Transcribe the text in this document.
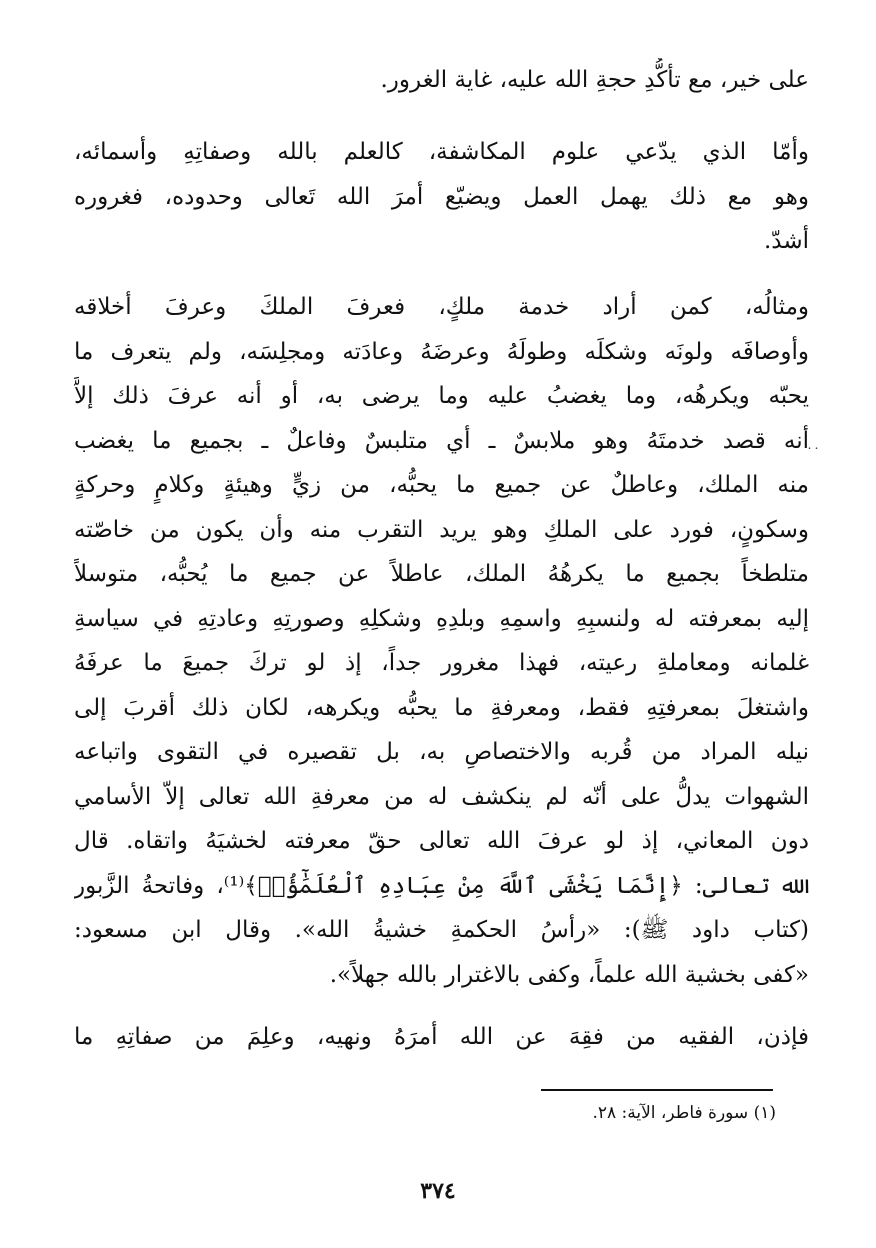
على خير، مع تأكُّدِ حجةِ الله عليه، غاية الغرور.
وأمّا الذي يدّعي علوم المكاشفة، كالعلم بالله وصفاتِهِ وأسمائه،
وهو مع ذلك يهمل العمل ويضيّع أمرَ الله تَعالى وحدوده، فغروره
أشدّ.
ومثالُه، كمن أراد خدمة ملكٍ، فعرفَ الملكَ وعرفَ أخلاقه
وأوصافَه ولونَه وشكلَه وطولَهُ وعرضَهُ وعادَته ومجلِسَه، ولم يتعرف ما
يحبّه ويكرهُه، وما يغضبُ عليه وما يرضى به، أو أنه عرفَ ذلك إلاَّ
أنه قصد خدمتَهُ وهو ملابسٌ ـ أي متلبسٌ وفاعلٌ ـ بجميع ما يغضب
منه الملك، وعاطلٌ عن جميع ما يحبُّه، من زيٍّ وهيئةٍ وكلامٍ وحركةٍ
وسكونٍ، فورد على الملكِ وهو يريد التقرب منه وأن يكون من خاصّته
متلطخاً بجميع ما يكرهُهُ الملك، عاطلاً عن جميع ما يُحبُّه، متوسلاً
إليه بمعرفته له ولنسبِهِ واسمِهِ وبلدِهِ وشكلِهِ وصورتِهِ وعادتِهِ في سياسةِ
غلمانه ومعاملةِ رعيته، فهذا مغرور جداً، إذ لو تركَ جميعَ ما عرفَهُ
واشتغلَ بمعرفتِهِ فقط، ومعرفةِ ما يحبُّه ويكرهه، لكان ذلك أقربَ إلى
نيله المراد من قُربه والاختصاصِ به، بل تقصيره في التقوى واتباعه
الشهوات يدلُّ على أنّه لم ينكشف له من معرفةِ الله تعالى إلاّ الأسامي
دون المعاني، إذ لو عرفَ الله تعالى حقّ معرفته لخشيَهُ واتقاه. قال
الله تعالى: ﴿إِنَّمَا يَخْشَى ٱللَّهَ مِنْ عِبَادِهِ ٱلْعُلَمَٰٓؤُا۟﴾⁽¹⁾، وفاتحةُ الزَّبور
(كتاب داود ﷺ): «رأسُ الحكمةِ خشيةُ الله». وقال ابن مسعود:
«كفى بخشية الله علماً، وكفى بالاغترار بالله جهلاً».
فإذن، الفقيه من فقِهَ عن الله أمرَهُ ونهيه، وعلِمَ من صفاتِهِ ما
(١) سورة فاطر، الآية: ٢٨.
٣٧٤
˙˙
